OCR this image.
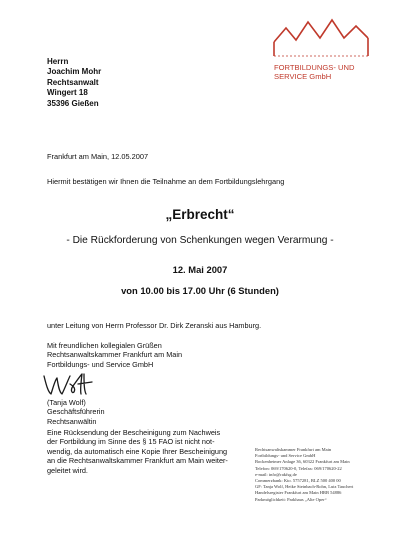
Herrn
Joachim Mohr
Rechtsanwalt
Wingert 18
35396 Gießen
FORTBILDUNGS- UND
SERVICE GmbH
Frankfurt am Main, 12.05.2007
Hiermit bestätigen wir Ihnen die Teilnahme an dem Fortbildungslehrgang
„Erbrecht“
- Die Rückforderung von Schenkungen wegen Verarmung -
12. Mai 2007
von 10.00 bis 17.00 Uhr (6 Stunden)
unter Leitung von Herrn Professor Dr. Dirk Zeranski aus Hamburg.
Mit freundlichen kollegialen Grüßen
Rechtsanwaltskammer Frankfurt am Main
Fortbildungs- und Service GmbH
(Tanja Wolf)
Geschäftsführerin
Rechtsanwältin
Eine Rücksendung der Bescheinigung zum Nachweis
der Fortbildung im Sinne des § 15 FAO ist nicht not-
wendig, da automatisch eine Kopie Ihrer Bescheinigung
an die Rechtsanwaltskammer Frankfurt am Main weiter-
geleitet wird.
Rechtsanwaltskammer Frankfurt am Main
Fortbildungs- und Service GmbH
Bockenheimer Anlage 36, 60322 Frankfurt am Main
Telefon: 069/170620-0, Telefax: 069/170620-22
e-mail: info@rakfsg.de
Commerzbank: Kto. 5757281, BLZ 500 400 00
GF: Tanja Wolf, Heike Steinbach-Rohn, Lutz Tauchert
Handelsregister Frankfurt am Main HRB 54886
Parkmöglichkeit: Parkhaus „Alte Oper“
